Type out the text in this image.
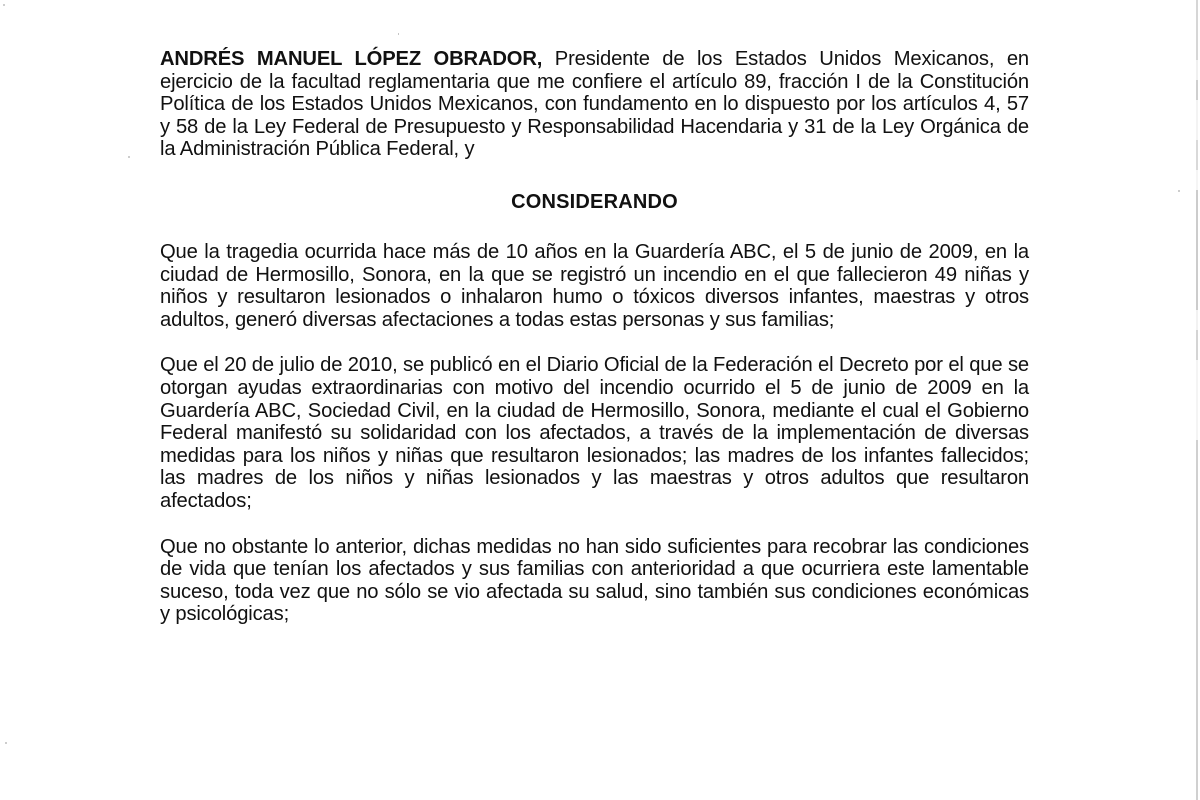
ANDRÉS MANUEL LÓPEZ OBRADOR, Presidente de los Estados Unidos Mexicanos, en ejercicio de la facultad reglamentaria que me confiere el artículo 89, fracción I de la Constitución Política de los Estados Unidos Mexicanos, con fundamento en lo dispuesto por los artículos 4, 57 y 58 de la Ley Federal de Presupuesto y Responsabilidad Hacendaria y 31 de la Ley Orgánica de la Administración Pública Federal, y

CONSIDERANDO

Que la tragedia ocurrida hace más de 10 años en la Guardería ABC, el 5 de junio de 2009, en la ciudad de Hermosillo, Sonora, en la que se registró un incendio en el que fallecieron 49 niñas y niños y resultaron lesionados o inhalaron humo o tóxicos diversos infantes, maestras y otros adultos, generó diversas afectaciones a todas estas personas y sus familias;

Que el 20 de julio de 2010, se publicó en el Diario Oficial de la Federación el Decreto por el que se otorgan ayudas extraordinarias con motivo del incendio ocurrido el 5 de junio de 2009 en la Guardería ABC, Sociedad Civil, en la ciudad de Hermosillo, Sonora, mediante el cual el Gobierno Federal manifestó su solidaridad con los afectados, a través de la implementación de diversas medidas para los niños y niñas que resultaron lesionados; las madres de los infantes fallecidos; las madres de los niños y niñas lesionados y las maestras y otros adultos que resultaron afectados;

Que no obstante lo anterior, dichas medidas no han sido suficientes para recobrar las condiciones de vida que tenían los afectados y sus familias con anterioridad a que ocurriera este lamentable suceso, toda vez que no sólo se vio afectada su salud, sino también sus condiciones económicas y psicológicas;
